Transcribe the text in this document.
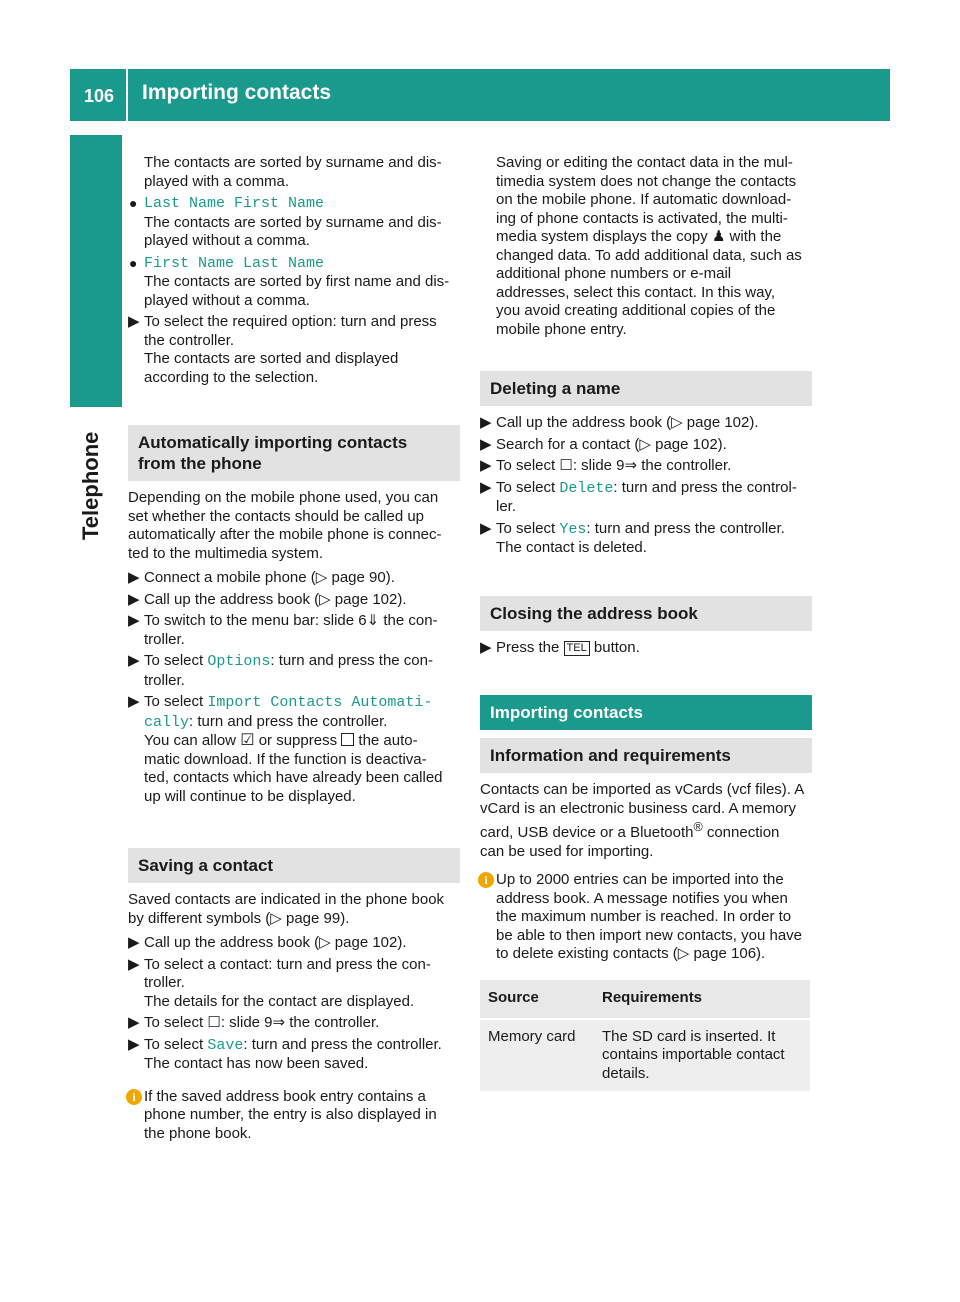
106 Importing contacts
Telephone

The contacts are sorted by surname and dis-

played with a comma.

● Last Name First Name

The contacts are sorted by surname and dis-

played without a comma.

● First Name Last Name

The contacts are sorted by first name and dis-

played without a comma.

▶ To select the required option: turn and press

the controller.

The contacts are sorted and displayed

according to the selection.

Automatically importing contacts
from the phone

Depending on the mobile phone used, you can

set whether the contacts should be called up

automatically after the mobile phone is connec-

ted to the multimedia system.

▶ Connect a mobile phone (▷ page 90).

▶ Call up the address book (▷ page 102).

▶ To switch to the menu bar: slide 6⇓ the con-

troller.

▶ To select Options: turn and press the con-

troller.

▶ To select Import Contacts Automati‐

cally: turn and press the controller.

You can allow ☑ or suppress  the auto-

matic download. If the function is deactiva-

ted, contacts which have already been called

up will continue to be displayed.

Saving a contact

Saved contacts are indicated in the phone book

by different symbols (▷ page 99).

▶ Call up the address book (▷ page 102).

▶ To select a contact: turn and press the con-

troller.

The details for the contact are displayed.

▶ To select ☐: slide 9⇒ the controller.

▶ To select Save: turn and press the controller.

The contact has now been saved.

i If the saved address book entry contains a

phone number, the entry is also displayed in

the phone book.

Saving or editing the contact data in the mul-

timedia system does not change the contacts

on the mobile phone. If automatic download-

ing of phone contacts is activated, the multi-

media system displays the copy ♟ with the

changed data. To add additional data, such as

additional phone numbers or e-mail

addresses, select this contact. In this way,

you avoid creating additional copies of the

mobile phone entry.

Deleting a name
▶ Call up the address book (▷ page 102).

▶ Search for a contact (▷ page 102).

▶ To select ☐: slide 9⇒ the controller.

▶ To select Delete: turn and press the control-

ler.

▶ To select Yes: turn and press the controller.

The contact is deleted.

Closing the address book
▶ Press the TEL button.

Importing contacts
Information and requirements

Contacts can be imported as vCards (vcf files). A

vCard is an electronic business card. A memory

card, USB device or a Bluetooth® connection

can be used for importing.

i Up to 2000 entries can be imported into the

address book. A message notifies you when

the maximum number is reached. In order to

be able to then import new contacts, you have

to delete existing contacts (▷ page 106).

Source	Requirements
Memory card	The SD card is inserted. It
contains importable contact
details.
